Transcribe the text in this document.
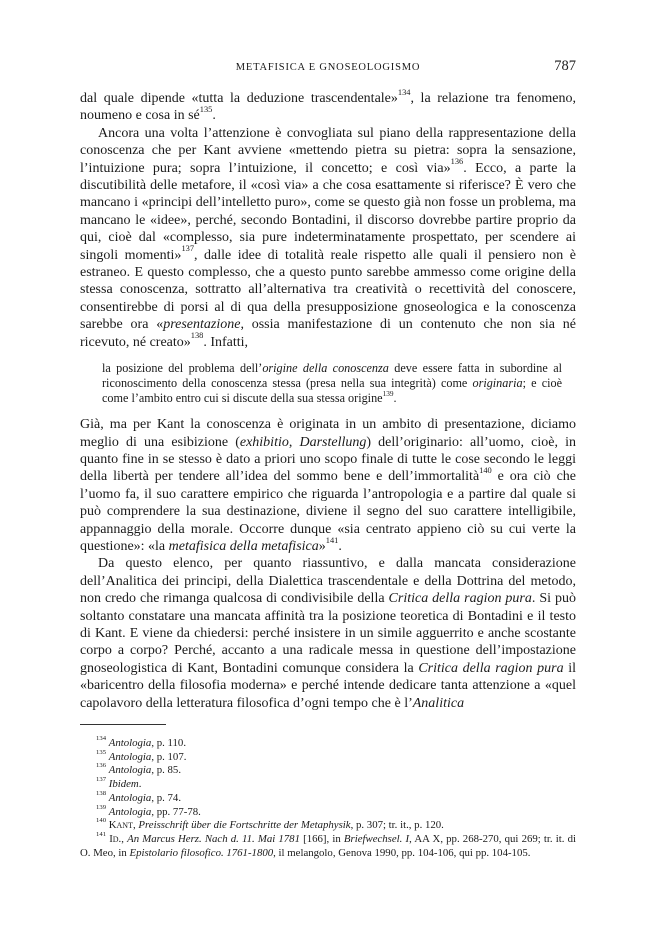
METAFISICA E GNOSEOLOGISMO	787

dal quale dipende «tutta la deduzione trascendentale»$^{134}$, la relazione tra fenomeno, noumeno e cosa in $sé^{135}$.

Ancora una volta l’attenzione è convogliata sul piano della rappresentazione della conoscenza che per Kant avviene «mettendo pietra su pietra: sopra la sensazione, l’intuizione pura; sopra l’intuizione, il concetto; e così via»$^{136}$. Ecco, a parte la discutibilità delle metafore, il «così via» a che cosa esattamente si riferisce? È vero che mancano i «principi dell’intelletto puro», come se questo già non fosse un problema, ma mancano le «idee», perché, secondo Bontadini, il discorso dovrebbe partire proprio da qui, cioè dal «complesso, sia pure indeterminatamente prospettato, per scendere ai singoli momenti»$^{137}$, dalle idee di totalità reale rispetto alle quali il pensiero non è estraneo. E questo complesso, che a questo punto sarebbe ammesso come origine della stessa conoscenza, sottratto all’alternativa tra creatività o recettività del conoscere, consentirebbe di porsi al di qua della presupposizione gnoseologica e la conoscenza sarebbe ora «presentazione, ossia manifestazione di un contenuto che non sia né ricevuto, né creato»$^{138}$. Infatti,

la posizione del problema dell’origine della conoscenza deve essere fatta in subordine al riconoscimento della conoscenza stessa (presa nella sua integrità) come originaria; e cioè come l’ambito entro cui si discute della sua stessa origine$^{139}$.

Già, ma per Kant la conoscenza è originata in un ambito di presentazione, diciamo meglio di una esibizione (exhibitio, Darstellung) dell’originario: all’uomo, cioè, in quanto fine in se stesso è dato a priori uno scopo finale di tutte le cose secondo le leggi della libertà per tendere all’idea del sommo bene e dell’immortalità$^{140}$ e ora ciò che l’uomo fa, il suo carattere empirico che riguarda l’antropologia e a partire dal quale si può comprendere la sua destinazione, diviene il segno del suo carattere intelligibile, appannaggio della morale. Occorre dunque «sia centrato appieno ciò su cui verte la questione»: «la metafisica della metafisica»$^{141}$.

Da questo elenco, per quanto riassuntivo, e dalla mancata considerazione dell’Analitica dei principi, della Dialettica trascendentale e della Dottrina del metodo, non credo che rimanga qualcosa di condivisibile della Critica della ragion pura. Si può soltanto constatare una mancata affinità tra la posizione teoretica di Bontadini e il testo di Kant. E viene da chiedersi: perché insistere in un simile agguerrito e anche scostante corpo a corpo? Perché, accanto a una radicale messa in questione dell’impostazione gnoseologistica di Kant, Bontadini comunque considera la Critica della ragion pura il «baricentro della filosofia moderna» e perché intende dedicare tanta attenzione a «quel capolavoro della letteratura filosofica d’ogni tempo che è l’Analitica

$^{134}$ Antologia, p. 110.
$^{135}$ Antologia, p. 107.
$^{136}$ Antologia, p. 85.
$^{137}$ Ibidem.
$^{138}$ Antologia, p. 74.
$^{139}$ Antologia, pp. 77-78.
$^{140}$ Kant, Preisschrift über die Fortschritte der Metaphysik, p. 307; tr. it., p. 120.
$^{141}$ Id., An Marcus Herz. Nach d. 11. Mai 1781 [166], in Briefwechsel. I, AA X, pp. 268-270, qui 269; tr. it. di O. Meo, in Epistolario filosofico. 1761-1800, il melangolo, Genova 1990, pp. 104-106, qui pp. 104-105.
